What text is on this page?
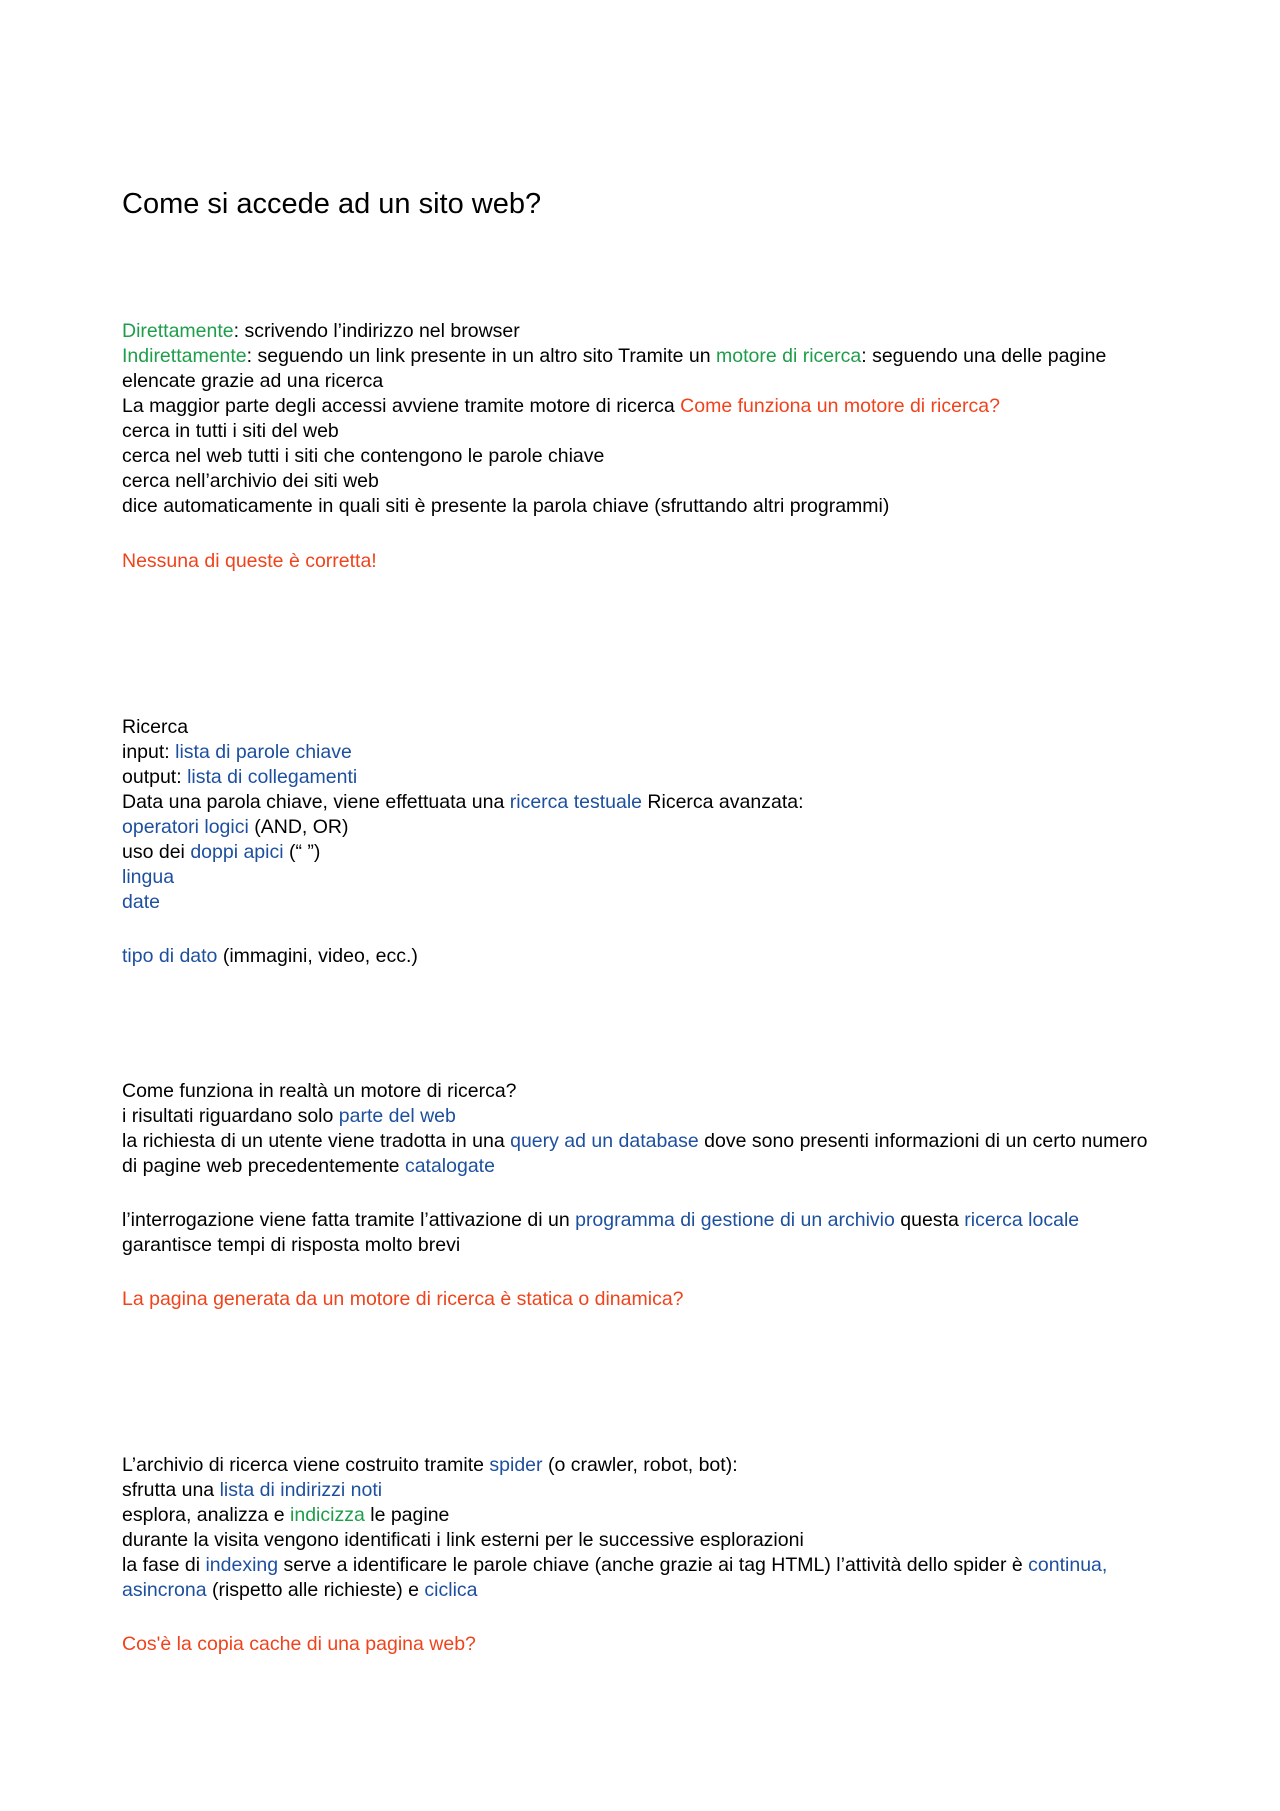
Come si accede ad un sito web?
Direttamente: scrivendo l’indirizzo nel browser
Indirettamente: seguendo un link presente in un altro sito Tramite un motore di ricerca: seguendo una delle pagine elencate grazie ad una ricerca
La maggior parte degli accessi avviene tramite motore di ricerca Come funziona un motore di ricerca?
cerca in tutti i siti del web
cerca nel web tutti i siti che contengono le parole chiave
cerca nell’archivio dei siti web
dice automaticamente in quali siti è presente la parola chiave (sfruttando altri programmi)
Nessuna di queste è corretta!
Ricerca
input: lista di parole chiave
output: lista di collegamenti
Data una parola chiave, viene effettuata una ricerca testuale Ricerca avanzata:
operatori logici (AND, OR)
uso dei doppi apici (“ ”)
lingua
date
tipo di dato (immagini, video, ecc.)
Come funziona in realtà un motore di ricerca?
i risultati riguardano solo parte del web
la richiesta di un utente viene tradotta in una query ad un database dove sono presenti informazioni di un certo numero di pagine web precedentemente catalogate
l’interrogazione viene fatta tramite l’attivazione di un programma di gestione di un archivio questa ricerca locale garantisce tempi di risposta molto brevi
La pagina generata da un motore di ricerca è statica o dinamica?
L’archivio di ricerca viene costruito tramite spider (o crawler, robot, bot):
sfrutta una lista di indirizzi noti
esplora, analizza e indicizza le pagine
durante la visita vengono identificati i link esterni per le successive esplorazioni
la fase di indexing serve a identificare le parole chiave (anche grazie ai tag HTML) l’attività dello spider è continua, asincrona (rispetto alle richieste) e ciclica
Cos'è la copia cache di una pagina web?
